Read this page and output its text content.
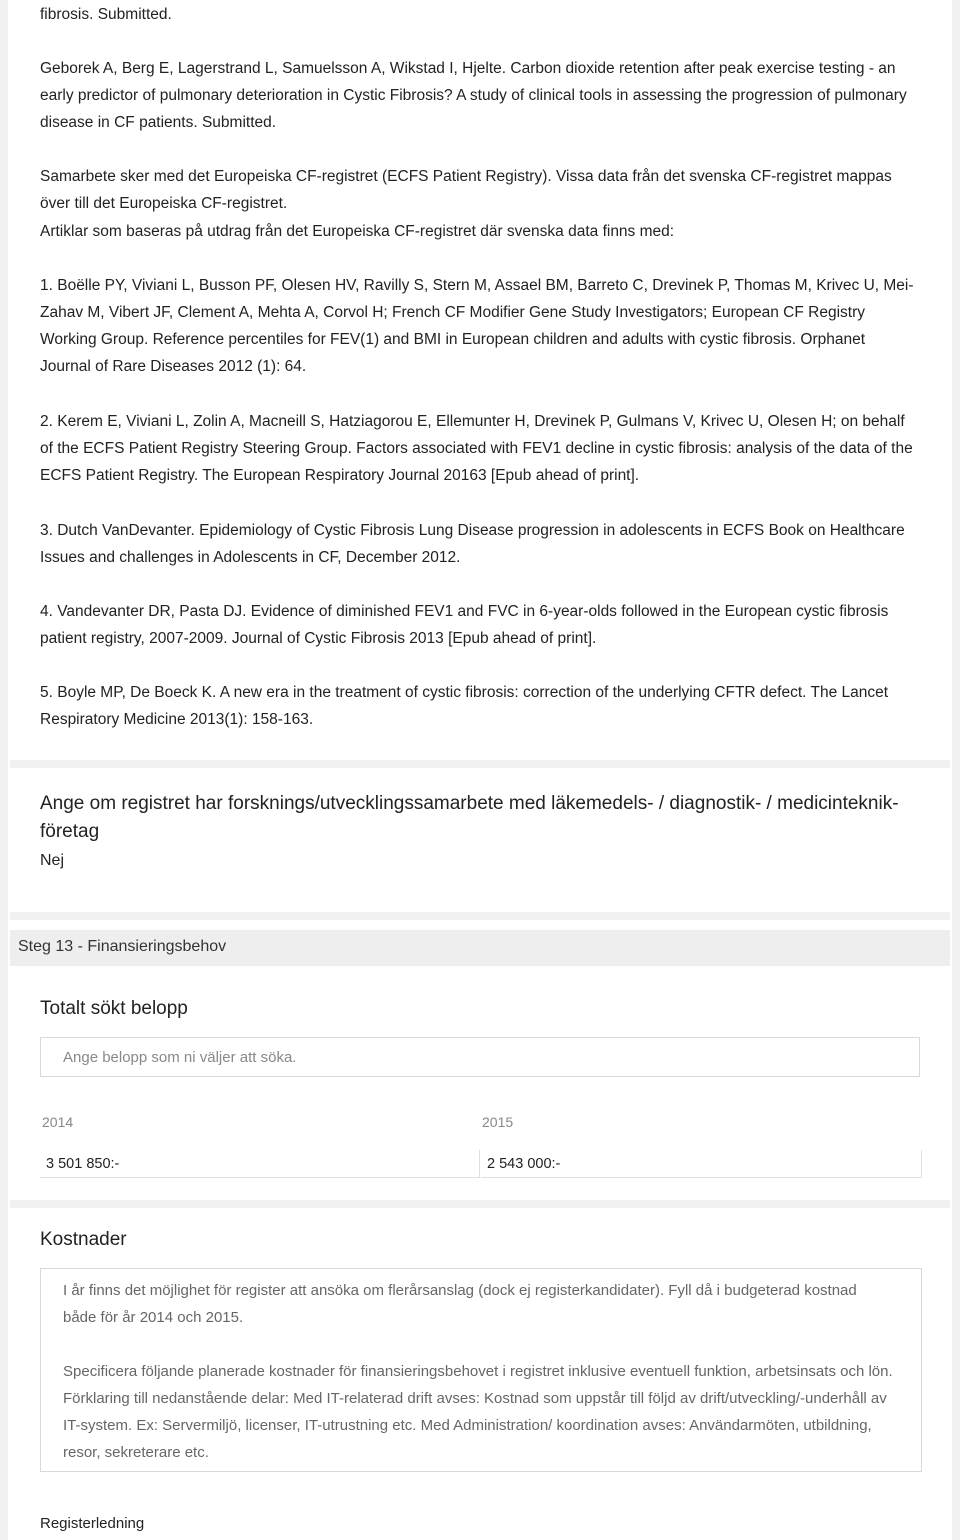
fibrosis. Submitted.

Geborek A, Berg E, Lagerstrand L, Samuelsson A, Wikstad I, Hjelte. Carbon dioxide retention after peak exercise testing - an early predictor of pulmonary deterioration in Cystic Fibrosis? A study of clinical tools in assessing the progression of pulmonary disease in CF patients. Submitted.

Samarbete sker med det Europeiska CF-registret (ECFS Patient Registry). Vissa data från det svenska CF-registret mappas över till det Europeiska CF-registret.

Artiklar som baseras på utdrag från det Europeiska CF-registret där svenska data finns med:

1. Boëlle PY, Viviani L, Busson PF, Olesen HV, Ravilly S, Stern M, Assael BM, Barreto C, Drevinek P, Thomas M, Krivec U, Mei-Zahav M, Vibert JF, Clement A, Mehta A, Corvol H; French CF Modifier Gene Study Investigators; European CF Registry Working Group. Reference percentiles for FEV(1) and BMI in European children and adults with cystic fibrosis. Orphanet Journal of Rare Diseases 2012 (1): 64.

2. Kerem E, Viviani L, Zolin A, Macneill S, Hatziagorou E, Ellemunter H, Drevinek P, Gulmans V, Krivec U, Olesen H; on behalf of the ECFS Patient Registry Steering Group. Factors associated with FEV1 decline in cystic fibrosis: analysis of the data of the ECFS Patient Registry. The European Respiratory Journal 20163 [Epub ahead of print].

3. Dutch VanDevanter. Epidemiology of Cystic Fibrosis Lung Disease progression in adolescents in ECFS Book on Healthcare Issues and challenges in Adolescents in CF, December 2012.

4. Vandevanter DR, Pasta DJ. Evidence of diminished FEV1 and FVC in 6-year-olds followed in the European cystic fibrosis patient registry, 2007-2009. Journal of Cystic Fibrosis 2013 [Epub ahead of print].

5. Boyle MP, De Boeck K. A new era in the treatment of cystic fibrosis: correction of the underlying CFTR defect. The Lancet Respiratory Medicine 2013(1): 158-163.

Ange om registret har forsknings/utvecklingssamarbete med läkemedels- / diagnostik- / medicinteknik-företag
Nej
Steg 13 - Finansieringsbehov
Totalt sökt belopp
Ange belopp som ni väljer att söka.
2014	2015
3 501 850:-	2 543 000:-
Kostnader

I år finns det möjlighet för register att ansöka om flerårsanslag (dock ej registerkandidater). Fyll då i budgeterad kostnad både för år 2014 och 2015.

Specificera följande planerade kostnader för finansieringsbehovet i registret inklusive eventuell funktion, arbetsinsats och lön. Förklaring till nedanstående delar: Med IT-relaterad drift avses: Kostnad som uppstår till följd av drift/utveckling/-underhåll av IT-system. Ex: Servermiljö, licenser, IT-utrustning etc. Med Administration/ koordination avses: Användarmöten, utbildning, resor, sekreterare etc.

Registerledning
